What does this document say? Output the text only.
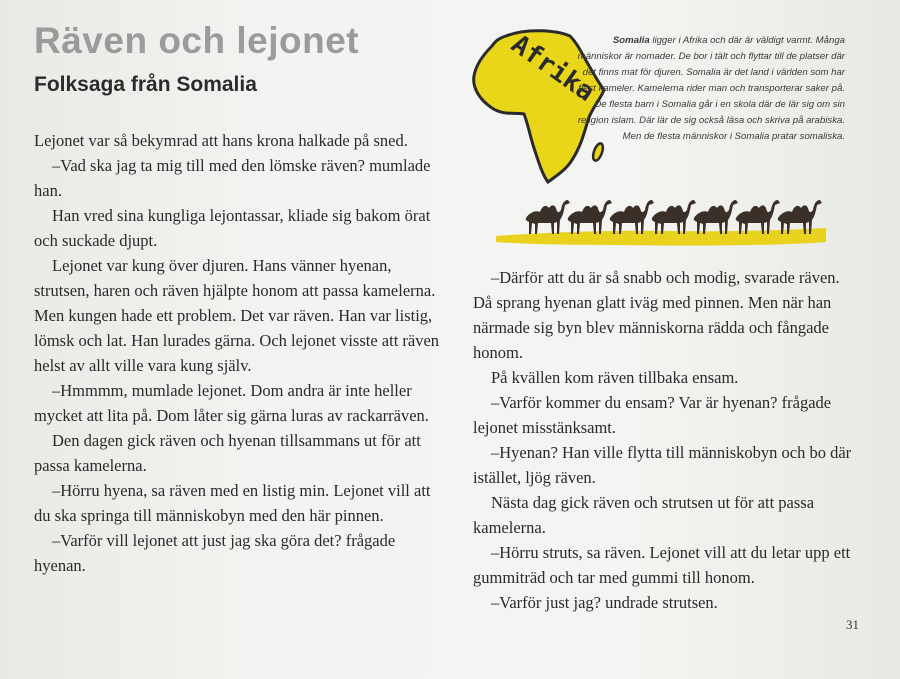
Räven och lejonet
Folksaga från Somalia	Afrika	Somalia ligger i Afrika och där är väldigt varmt. Många människor är nomader. De bor i tält och flyttar till de platser där det finns mat för djuren. Somalia är det land i världen som har flest kameler. Kamelerna rider man och transporterar saker på. De flesta barn i Somalia går i en skola där de lär sig om sin religion islam. Där lär de sig också läsa och skriva på arabiska. Men de flesta människor i Somalia pratar somaliska.

Lejonet var så bekymrad att hans krona halkade på sned.

–Vad ska jag ta mig till med den lömske räven? mumlade han.

Han vred sina kungliga lejontassar, kliade sig bakom örat och suckade djupt.

Lejonet var kung över djuren. Hans vänner hyenan, strutsen, haren och räven hjälpte honom att passa kamelerna. Men kungen hade ett problem. Det var räven. Han var listig, lömsk och lat. Han lurades gärna. Och lejonet visste att räven helst av allt ville vara kung själv.

–Hmmmm, mumlade lejonet. Dom andra är inte heller mycket att lita på. Dom låter sig gärna luras av rackarräven.

Den dagen gick räven och hyenan tillsammans ut för att passa kamelerna.

–Hörru hyena, sa räven med en listig min. Lejonet vill att du ska springa till människobyn med den här pinnen.

–Varför vill lejonet att just jag ska göra det? frågade hyenan.

–Därför att du är så snabb och modig, svarade räven. Då sprang hyenan glatt iväg med pinnen. Men när han närmade sig byn blev människorna rädda och fångade honom.

På kvällen kom räven tillbaka ensam.

–Varför kommer du ensam? Var är hyenan? frågade lejonet misstänksamt.

–Hyenan? Han ville flytta till människobyn och bo där istället, ljög räven.

Nästa dag gick räven och strutsen ut för att passa kamelerna.

–Hörru struts, sa räven. Lejonet vill att du letar upp ett gummiträd och tar med gummi till honom.

–Varför just jag? undrade strutsen.

31
